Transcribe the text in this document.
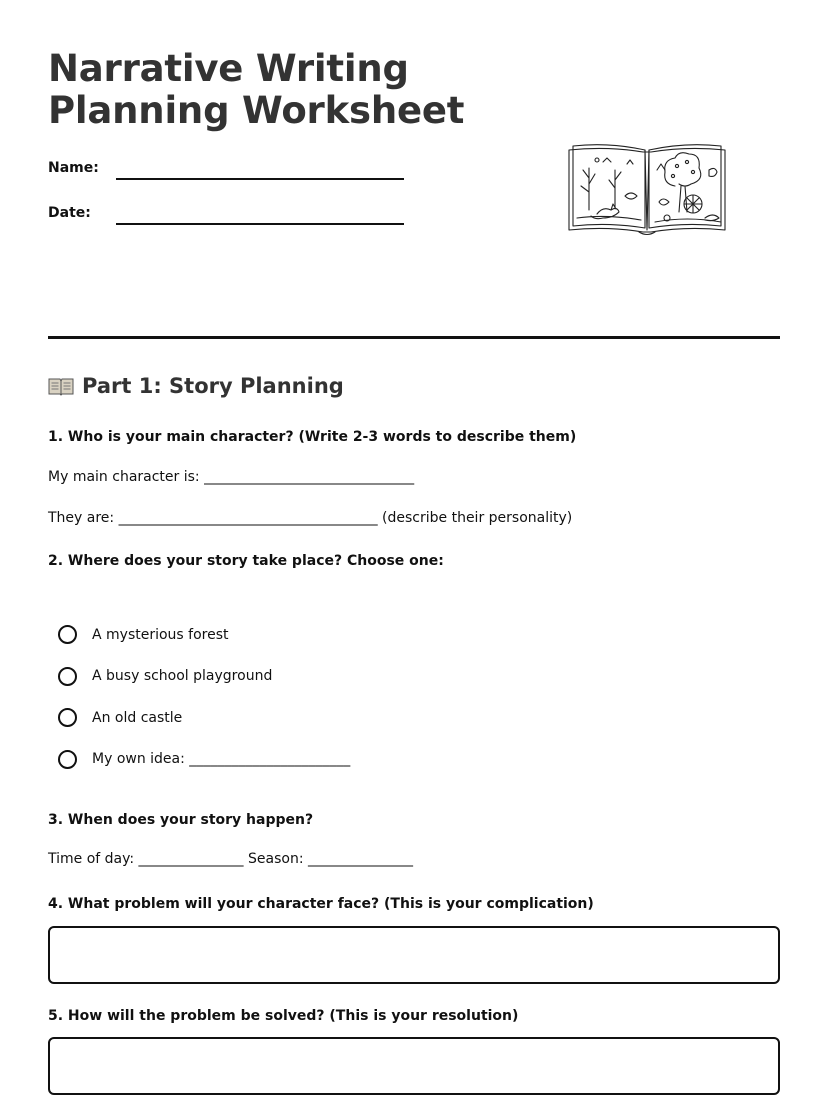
Narrative Writing
Planning Worksheet
Name:
Date:
Part 1: Story Planning

1. Who is your main character? (Write 2-3 words to describe them)

My main character is: ______________________________
They are: _____________________________________ (describe their personality)

2. Where does your story take place? Choose one:

A mysterious forest
A busy school playground
An old castle
My own idea: _______________________

3. When does your story happen?

Time of day: _______________ Season: _______________

4. What problem will your character face? (This is your complication)

5. How will the problem be solved? (This is your resolution)
